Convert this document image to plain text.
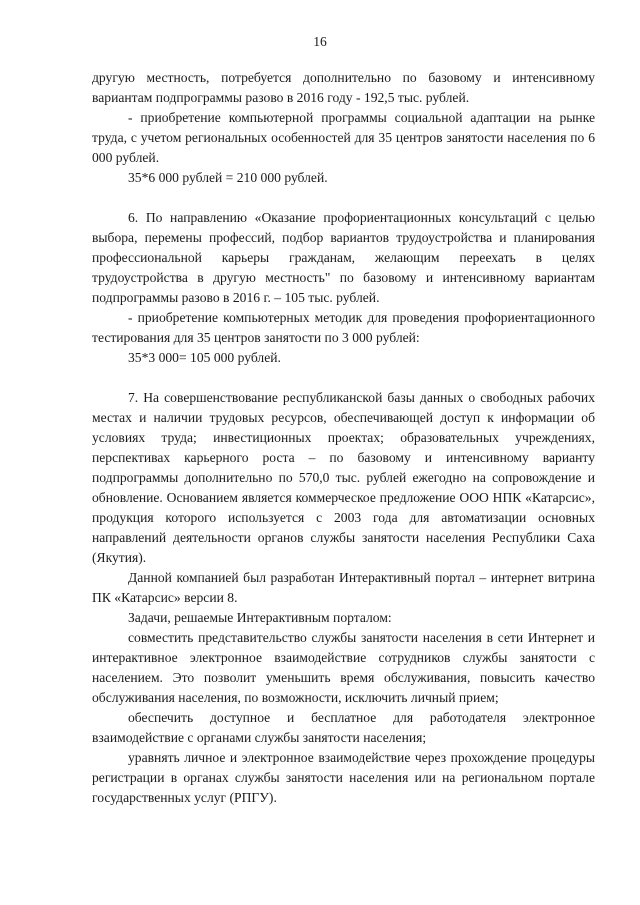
16

другую местность, потребуется дополнительно по базовому и интенсивному вариантам подпрограммы разово в 2016 году - 192,5 тыс. рублей.

- приобретение компьютерной программы социальной адаптации на рынке труда, с учетом региональных особенностей для 35 центров занятости населения по 6 000 рублей.

35*6 000 рублей = 210 000 рублей.

6. По направлению «Оказание профориентационных консультаций с целью выбора, перемены профессий, подбор вариантов трудоустройства и планирования профессиональной карьеры гражданам, желающим переехать в целях трудоустройства в другую местность" по базовому и интенсивному вариантам подпрограммы разово в 2016 г. – 105 тыс. рублей.

- приобретение компьютерных методик для проведения профориентационного тестирования для 35 центров занятости по 3 000 рублей:

35*3 000= 105 000 рублей.

7. На совершенствование республиканской базы данных о свободных рабочих местах и наличии трудовых ресурсов, обеспечивающей доступ к информации об условиях труда; инвестиционных проектах; образовательных учреждениях, перспективах карьерного роста – по базовому и интенсивному варианту подпрограммы дополнительно по 570,0 тыс. рублей ежегодно на сопровождение и обновление. Основанием является коммерческое предложение ООО НПК «Катарсис», продукция которого используется с 2003 года для автоматизации основных направлений деятельности органов службы занятости населения Республики Саха (Якутия).

Данной компанией был разработан Интерактивный портал – интернет витрина ПК «Катарсис» версии 8.

Задачи, решаемые Интерактивным порталом:

совместить представительство службы занятости населения в сети Интернет и интерактивное электронное взаимодействие сотрудников службы занятости с населением. Это позволит уменьшить время обслуживания, повысить качество обслуживания населения, по возможности, исключить личный прием;

обеспечить доступное и бесплатное для работодателя электронное взаимодействие с органами службы занятости населения;

уравнять личное и электронное взаимодействие через прохождение процедуры регистрации в органах службы занятости населения или на региональном портале государственных услуг (РПГУ).
